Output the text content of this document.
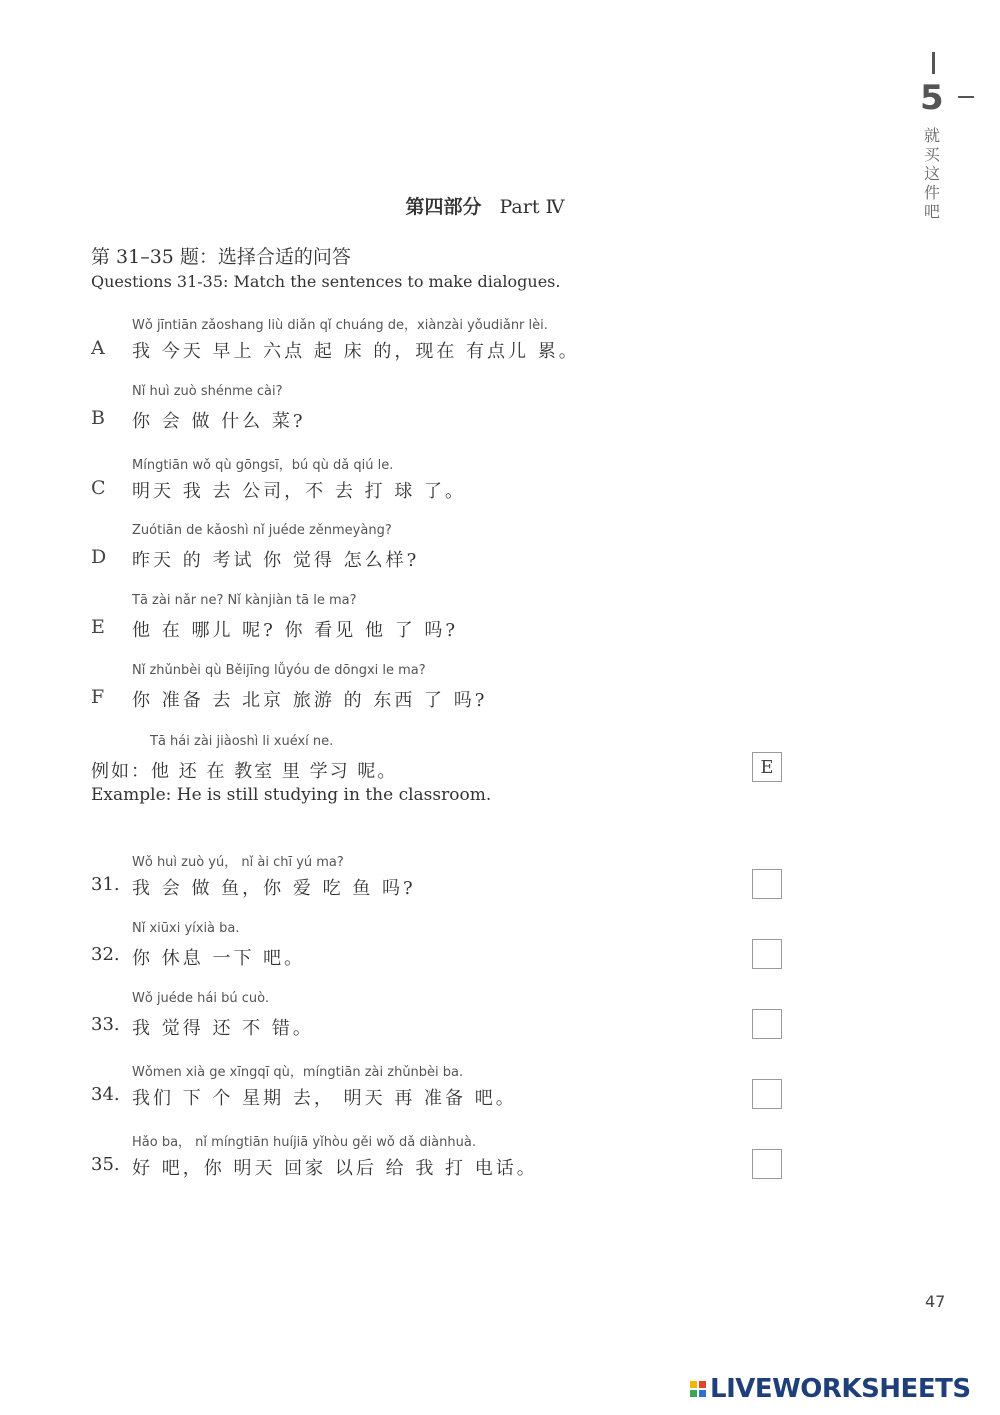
5
就买这件吧
第四部分 Part Ⅳ
第 31–35 题：选择合适的问答
Questions 31-35: Match the sentences to make dialogues.
Wǒ jīntiān zǎoshang liù diǎn qǐ chuáng de，xiànzài yǒudiǎnr lèi.
A 我 今天 早上 六点 起 床 的，现在 有点儿 累。
Nǐ huì zuò shénme cài?
B 你 会 做 什么 菜?
Míngtiān wǒ qù gōngsī，bú qù dǎ qiú le.
C 明天 我 去 公司，不 去 打 球 了。
Zuótiān de kǎoshì nǐ juéde zěnmeyàng?
D 昨天 的 考试 你 觉得 怎么样?
Tā zài nǎr ne? Nǐ kànjiàn tā le ma?
E 他 在 哪儿 呢? 你 看见 他 了 吗?
Nǐ zhǔnbèi qù Běijīng lǚyóu de dōngxi le ma?
F 你 准备 去 北京 旅游 的 东西 了 吗?
Tā hái zài jiàoshì li xuéxí ne.
例如：他 还 在 教室 里 学习 呢。
Example: He is still studying in the classroom.
E
Wǒ huì zuò yú， nǐ ài chī yú ma?
31. 我 会 做 鱼，你 爱 吃 鱼 吗?
Nǐ xiūxi yíxià ba.
32. 你 休息 一下 吧。
Wǒ juéde hái bú cuò.
33. 我 觉得 还 不 错。
Wǒmen xià ge xīngqī qù，míngtiān zài zhǔnbèi ba.
34. 我们 下 个 星期 去， 明天 再 准备 吧。
Hǎo ba， nǐ míngtiān huíjiā yǐhòu gěi wǒ dǎ diànhuà.
35. 好 吧，你 明天 回家 以后 给 我 打 电话。
47
LIVEWORKSHEETS
